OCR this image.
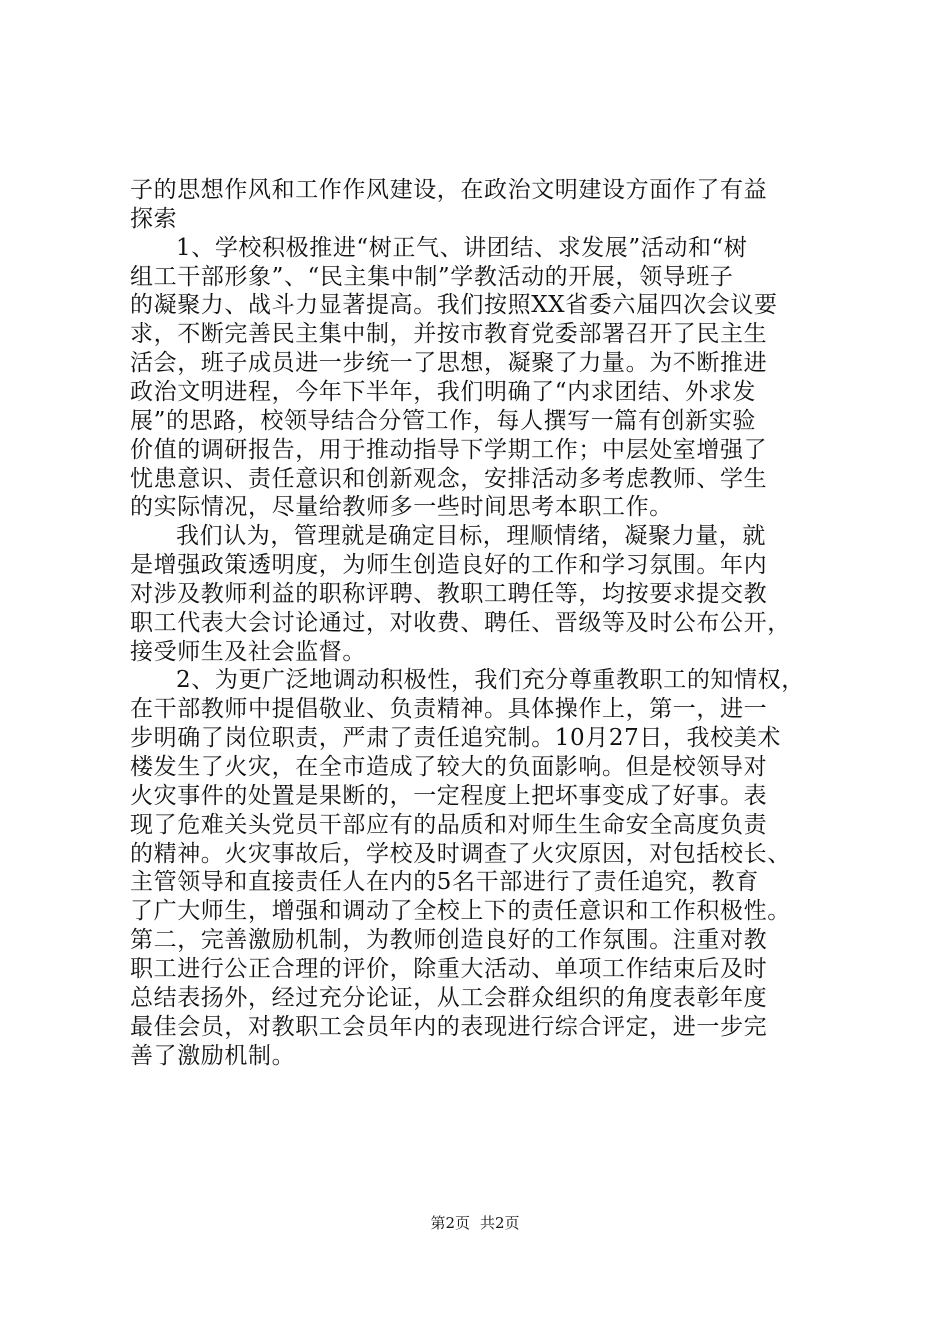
子的思想作风和工作作风建设，在政治文明建设方面作了有益

探索

1、学校积极推进“树正气、讲团结、求发展”活动和“树

组工干部形象”、“民主集中制”学教活动的开展，领导班子

的凝聚力、战斗力显著提高。我们按照XX省委六届四次会议要

求，不断完善民主集中制，并按市教育党委部署召开了民主生

活会，班子成员进一步统一了思想，凝聚了力量。为不断推进

政治文明进程，今年下半年，我们明确了“内求团结、外求发

展”的思路，校领导结合分管工作，每人撰写一篇有创新实验

价值的调研报告，用于推动指导下学期工作；中层处室增强了

忧患意识、责任意识和创新观念，安排活动多考虑教师、学生

的实际情况，尽量给教师多一些时间思考本职工作。

我们认为，管理就是确定目标，理顺情绪，凝聚力量，就

是增强政策透明度，为师生创造良好的工作和学习氛围。年内

对涉及教师利益的职称评聘、教职工聘任等，均按要求提交教

职工代表大会讨论通过，对收费、聘任、晋级等及时公布公开，

接受师生及社会监督。

2、为更广泛地调动积极性，我们充分尊重教职工的知情权，

在干部教师中提倡敬业、负责精神。具体操作上，第一，进一

步明确了岗位职责，严肃了责任追究制。10月27日，我校美术

楼发生了火灾，在全市造成了较大的负面影响。但是校领导对

火灾事件的处置是果断的，一定程度上把坏事变成了好事。表

现了危难关头党员干部应有的品质和对师生生命安全高度负责

的精神。火灾事故后，学校及时调查了火灾原因，对包括校长、

主管领导和直接责任人在内的5名干部进行了责任追究，教育

了广大师生，增强和调动了全校上下的责任意识和工作积极性。

第二，完善激励机制，为教师创造良好的工作氛围。注重对教

职工进行公正合理的评价，除重大活动、单项工作结束后及时

总结表扬外，经过充分论证，从工会群众组织的角度表彰年度

最佳会员，对教职工会员年内的表现进行综合评定，进一步完

善了激励机制。

第2页 共2页
